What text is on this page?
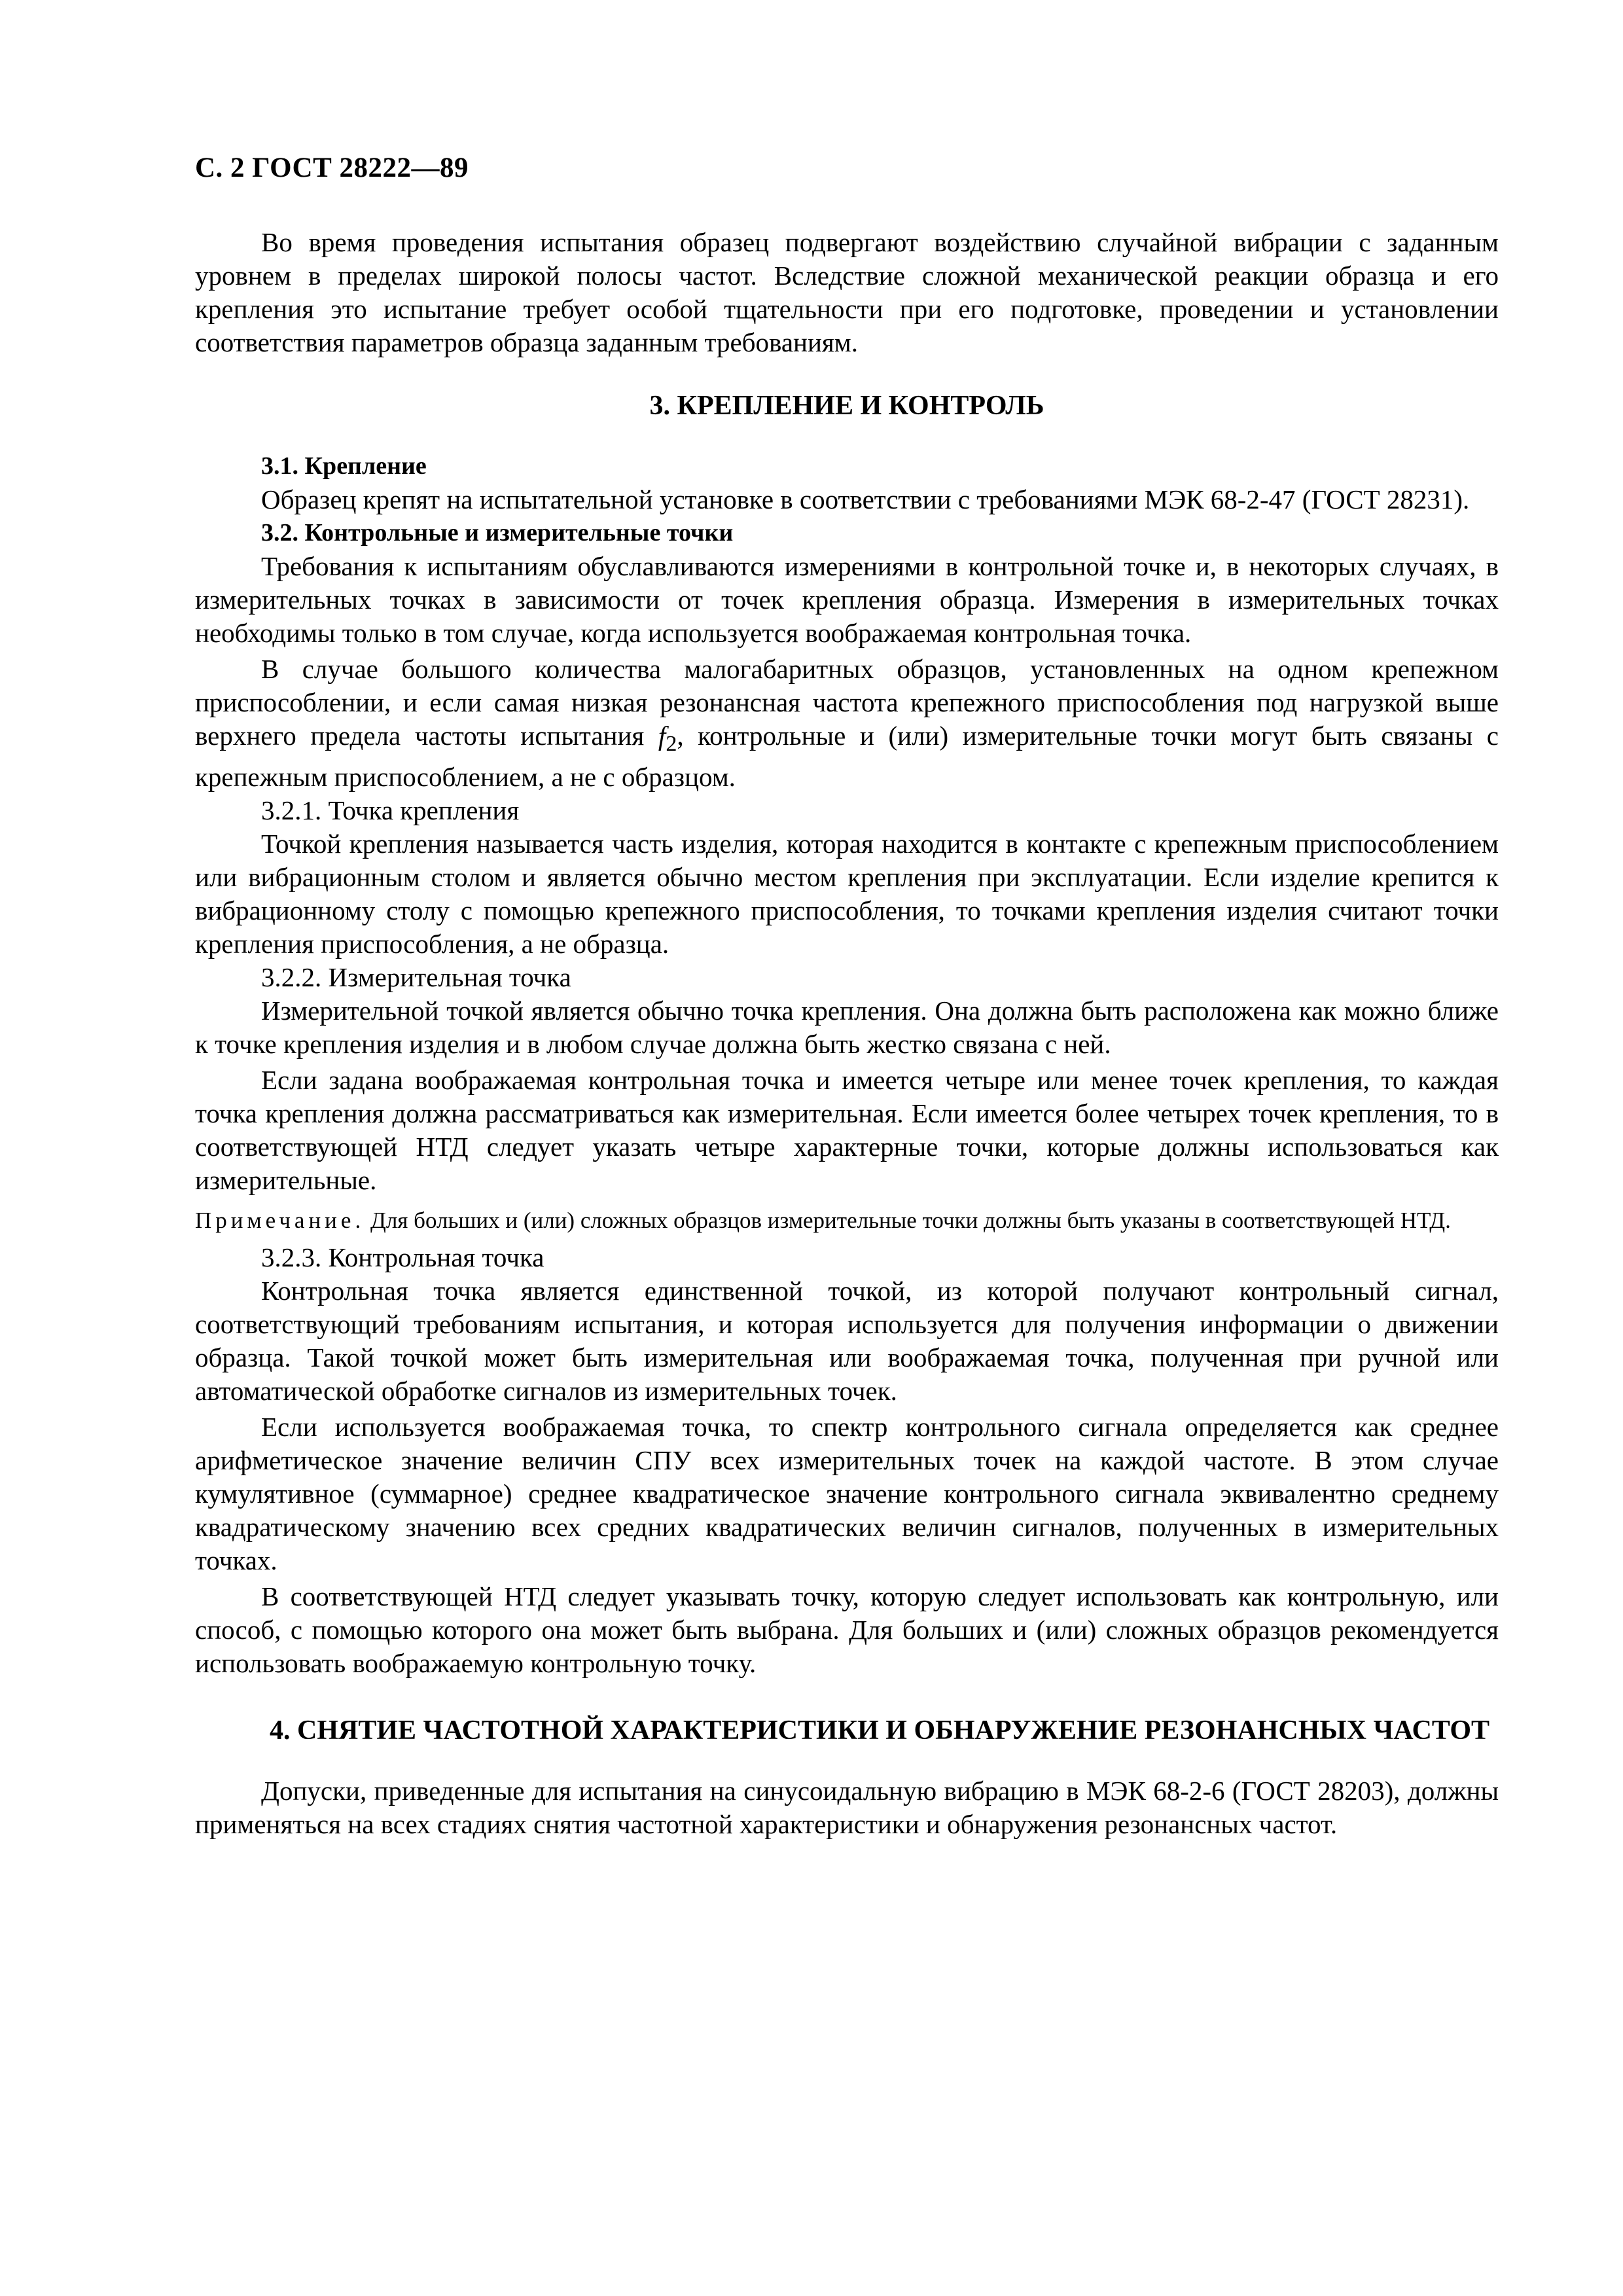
С. 2 ГОСТ 28222—89

Во время проведения испытания образец подвергают воздействию случайной вибрации с заданным уровнем в пределах широкой полосы частот. Вследствие сложной механической реакции образца и его крепления это испытание требует особой тщательности при его подготовке, проведении и установлении соответствия параметров образца заданным требованиям.

3. КРЕПЛЕНИЕ И КОНТРОЛЬ

3.1. Крепление

Образец крепят на испытательной установке в соответствии с требованиями МЭК 68-2-47 (ГОСТ 28231).

3.2. Контрольные и измерительные точки

Требования к испытаниям обуславливаются измерениями в контрольной точке и, в некоторых случаях, в измерительных точках в зависимости от точек крепления образца. Измерения в измерительных точках необходимы только в том случае, когда используется воображаемая контрольная точка.

В случае большого количества малогабаритных образцов, установленных на одном крепежном приспособлении, и если самая низкая резонансная частота крепежного приспособления под нагрузкой выше верхнего предела частоты испытания $f_2$, контрольные и (или) измерительные точки могут быть связаны с крепежным приспособлением, а не с образцом.

3.2.1. Точка крепления

Точкой крепления называется часть изделия, которая находится в контакте с крепежным приспособлением или вибрационным столом и является обычно местом крепления при эксплуатации. Если изделие крепится к вибрационному столу с помощью крепежного приспособления, то точками крепления изделия считают точки крепления приспособления, а не образца.

3.2.2. Измерительная точка

Измерительной точкой является обычно точка крепления. Она должна быть расположена как можно ближе к точке крепления изделия и в любом случае должна быть жестко связана с ней.

Если задана воображаемая контрольная точка и имеется четыре или менее точек крепления, то каждая точка крепления должна рассматриваться как измерительная. Если имеется более четырех точек крепления, то в соответствующей НТД следует указать четыре характерные точки, которые должны использоваться как измерительные.

Примечание. Для больших и (или) сложных образцов измерительные точки должны быть указаны в соответствующей НТД.

3.2.3. Контрольная точка

Контрольная точка является единственной точкой, из которой получают контрольный сигнал, соответствующий требованиям испытания, и которая используется для получения информации о движении образца. Такой точкой может быть измерительная или воображаемая точка, полученная при ручной или автоматической обработке сигналов из измерительных точек.

Если используется воображаемая точка, то спектр контрольного сигнала определяется как среднее арифметическое значение величин СПУ всех измерительных точек на каждой частоте. В этом случае кумулятивное (суммарное) среднее квадратическое значение контрольного сигнала эквивалентно среднему квадратическому значению всех средних квадратических величин сигналов, полученных в измерительных точках.

В соответствующей НТД следует указывать точку, которую следует использовать как контрольную, или способ, с помощью которого она может быть выбрана. Для больших и (или) сложных образцов рекомендуется использовать воображаемую контрольную точку.

4. СНЯТИЕ ЧАСТОТНОЙ ХАРАКТЕРИСТИКИ И ОБНАРУЖЕНИЕ РЕЗОНАНСНЫХ ЧАСТОТ

Допуски, приведенные для испытания на синусоидальную вибрацию в МЭК 68-2-6 (ГОСТ 28203), должны применяться на всех стадиях снятия частотной характеристики и обнаружения резонансных частот.
